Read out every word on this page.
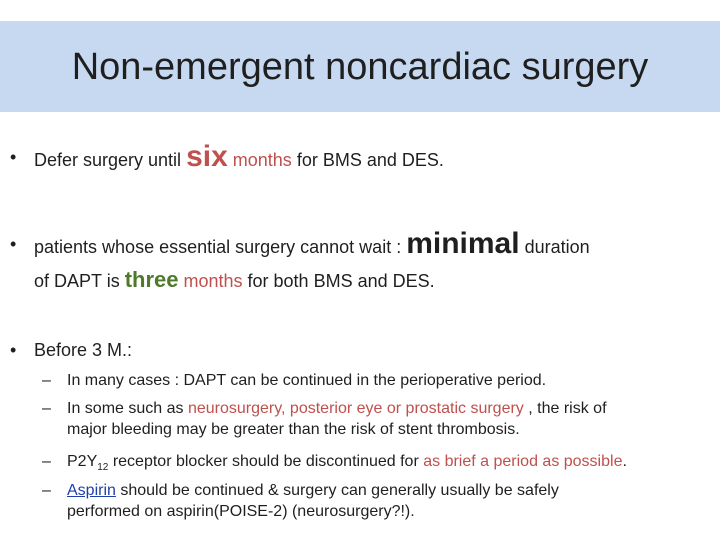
Non-emergent noncardiac surgery
• Defer surgery until six months for BMS and DES.
• patients whose essential surgery cannot wait : minimal duration
of DAPT is three months for both BMS and DES.
• Before 3 M.:
– In many cases : DAPT can be continued in the perioperative period.
– In some such as neurosurgery, posterior eye or prostatic surgery , the risk of
major bleeding may be greater than the risk of stent thrombosis.
– $P2Y_{12}$ receptor blocker should be discontinued for as brief a period as possible.
– Aspirin should be continued & surgery can generally usually be safely
performed on aspirin(POISE-2) (neurosurgery?!).
